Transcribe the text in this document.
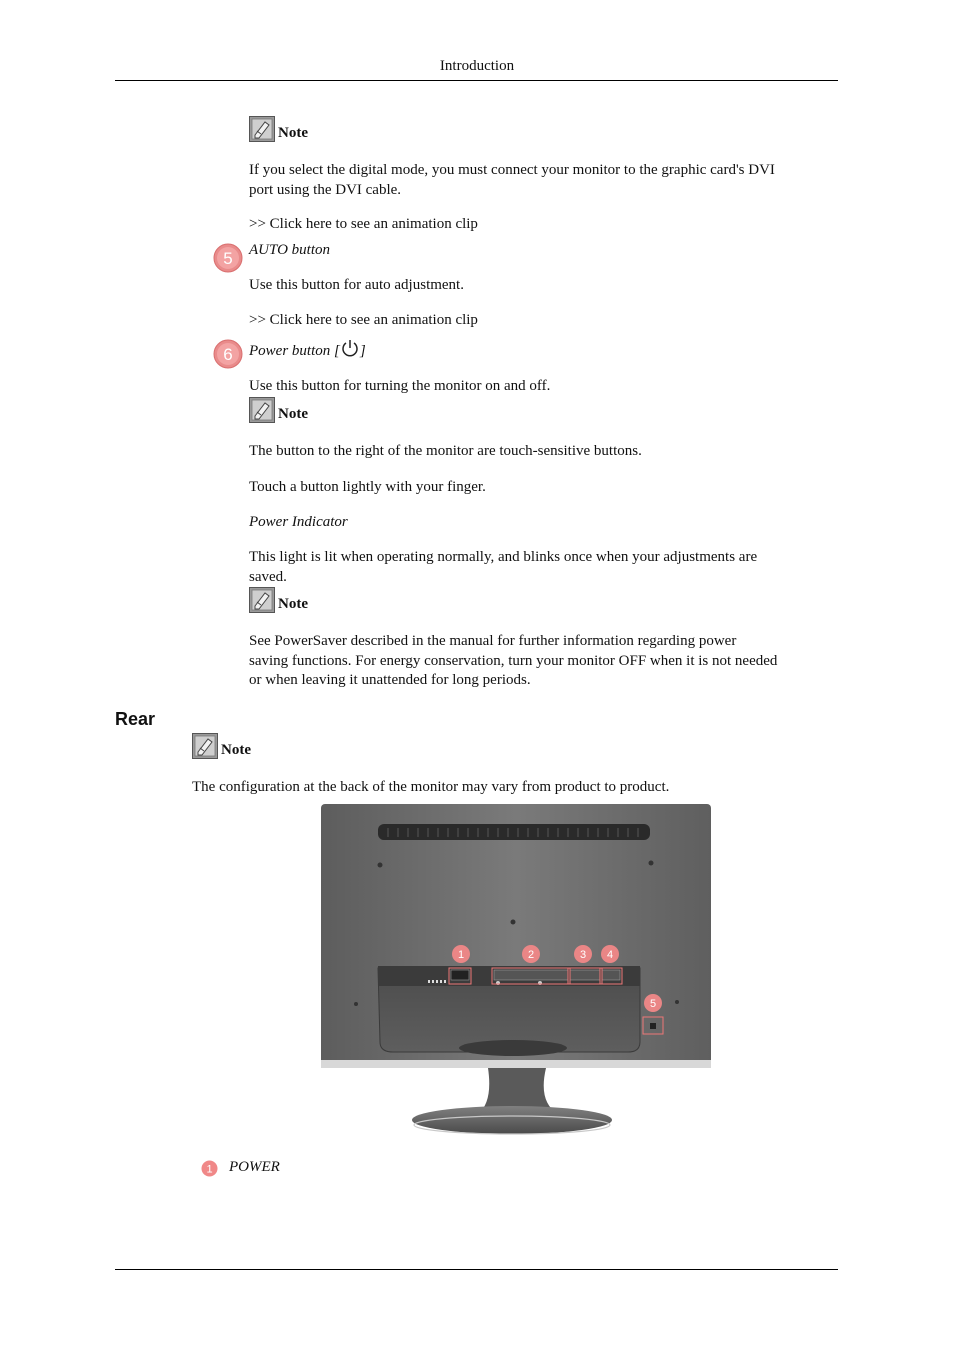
Introduction
Note
If you select the digital mode, you must connect your monitor to the graphic card's DVI port using the DVI cable.
>> Click here to see an animation clip
5 AUTO button
Use this button for auto adjustment.
>> Click here to see an animation clip
6 Power button [ ]
Use this button for turning the monitor on and off.
Note
The button to the right of the monitor are touch-sensitive buttons.
Touch a button lightly with your finger.
Power Indicator
This light is lit when operating normally, and blinks once when your adjustments are saved.
Note
See PowerSaver described in the manual for further information regarding power saving functions. For energy conservation, turn your monitor OFF when it is not needed or when leaving it unattended for long periods.
Rear
Note
The configuration at the back of the monitor may vary from product to product.
1	2	3 4
5
1 POWER
